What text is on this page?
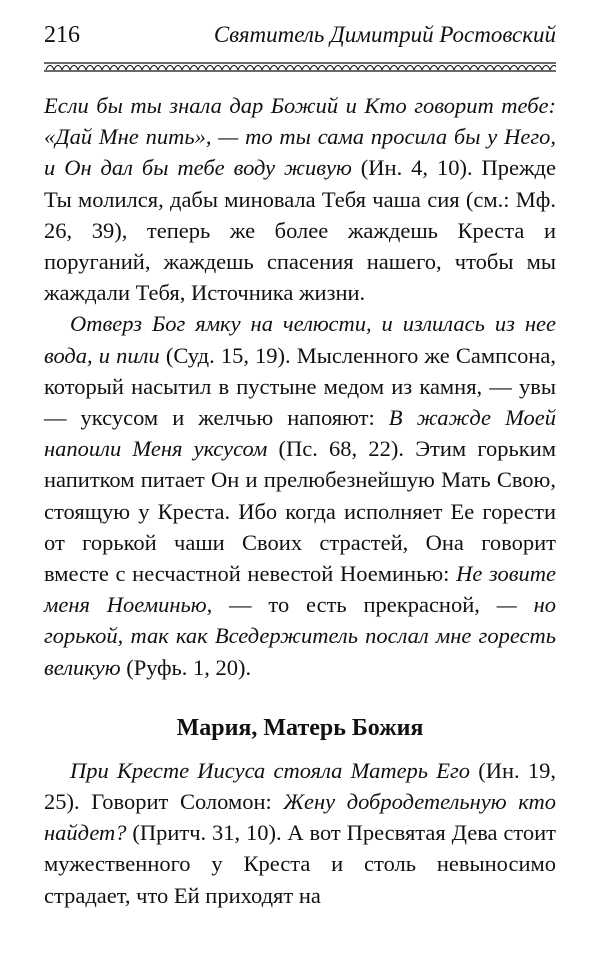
216	Святитель Димитрий Ростовский

Если бы ты знала дар Божий и Кто говорит тебе: «Дай Мне пить», — то ты сама просила бы у Него, и Он дал бы тебе воду живую (Ин. 4, 10). Прежде Ты молился, дабы миновала Тебя чаша сия (см.: Мф. 26, 39), теперь же более жаждешь Креста и поруганий, жаждешь спасения нашего, чтобы мы жаждали Тебя, Источника жизни.

Отверз Бог ямку на челюсти, и излилась из нее вода, и пили (Суд. 15, 19). Мысленного же Сампсона, который насытил в пустыне медом из камня, — увы — уксусом и желчью напояют: В жажде Моей напоили Меня уксусом (Пс. 68, 22). Этим горьким напитком питает Он и прелюбезнейшую Мать Свою, стоящую у Креста. Ибо когда исполняет Ее горести от горькой чаши Своих страстей, Она говорит вместе с несчастной невестой Ноеминью: Не зовите меня Ноеминью, — то есть прекрасной, — но горькой, так как Вседержитель послал мне горесть великую (Руфь. 1, 20).

Мария, Матерь Божия

При Кресте Иисуса стояла Матерь Его (Ин. 19, 25). Говорит Соломон: Жену добродетельную кто найдет? (Притч. 31, 10). А вот Пресвятая Дева стоит мужественного у Креста и столь невыносимо страдает, что Ей приходят на
